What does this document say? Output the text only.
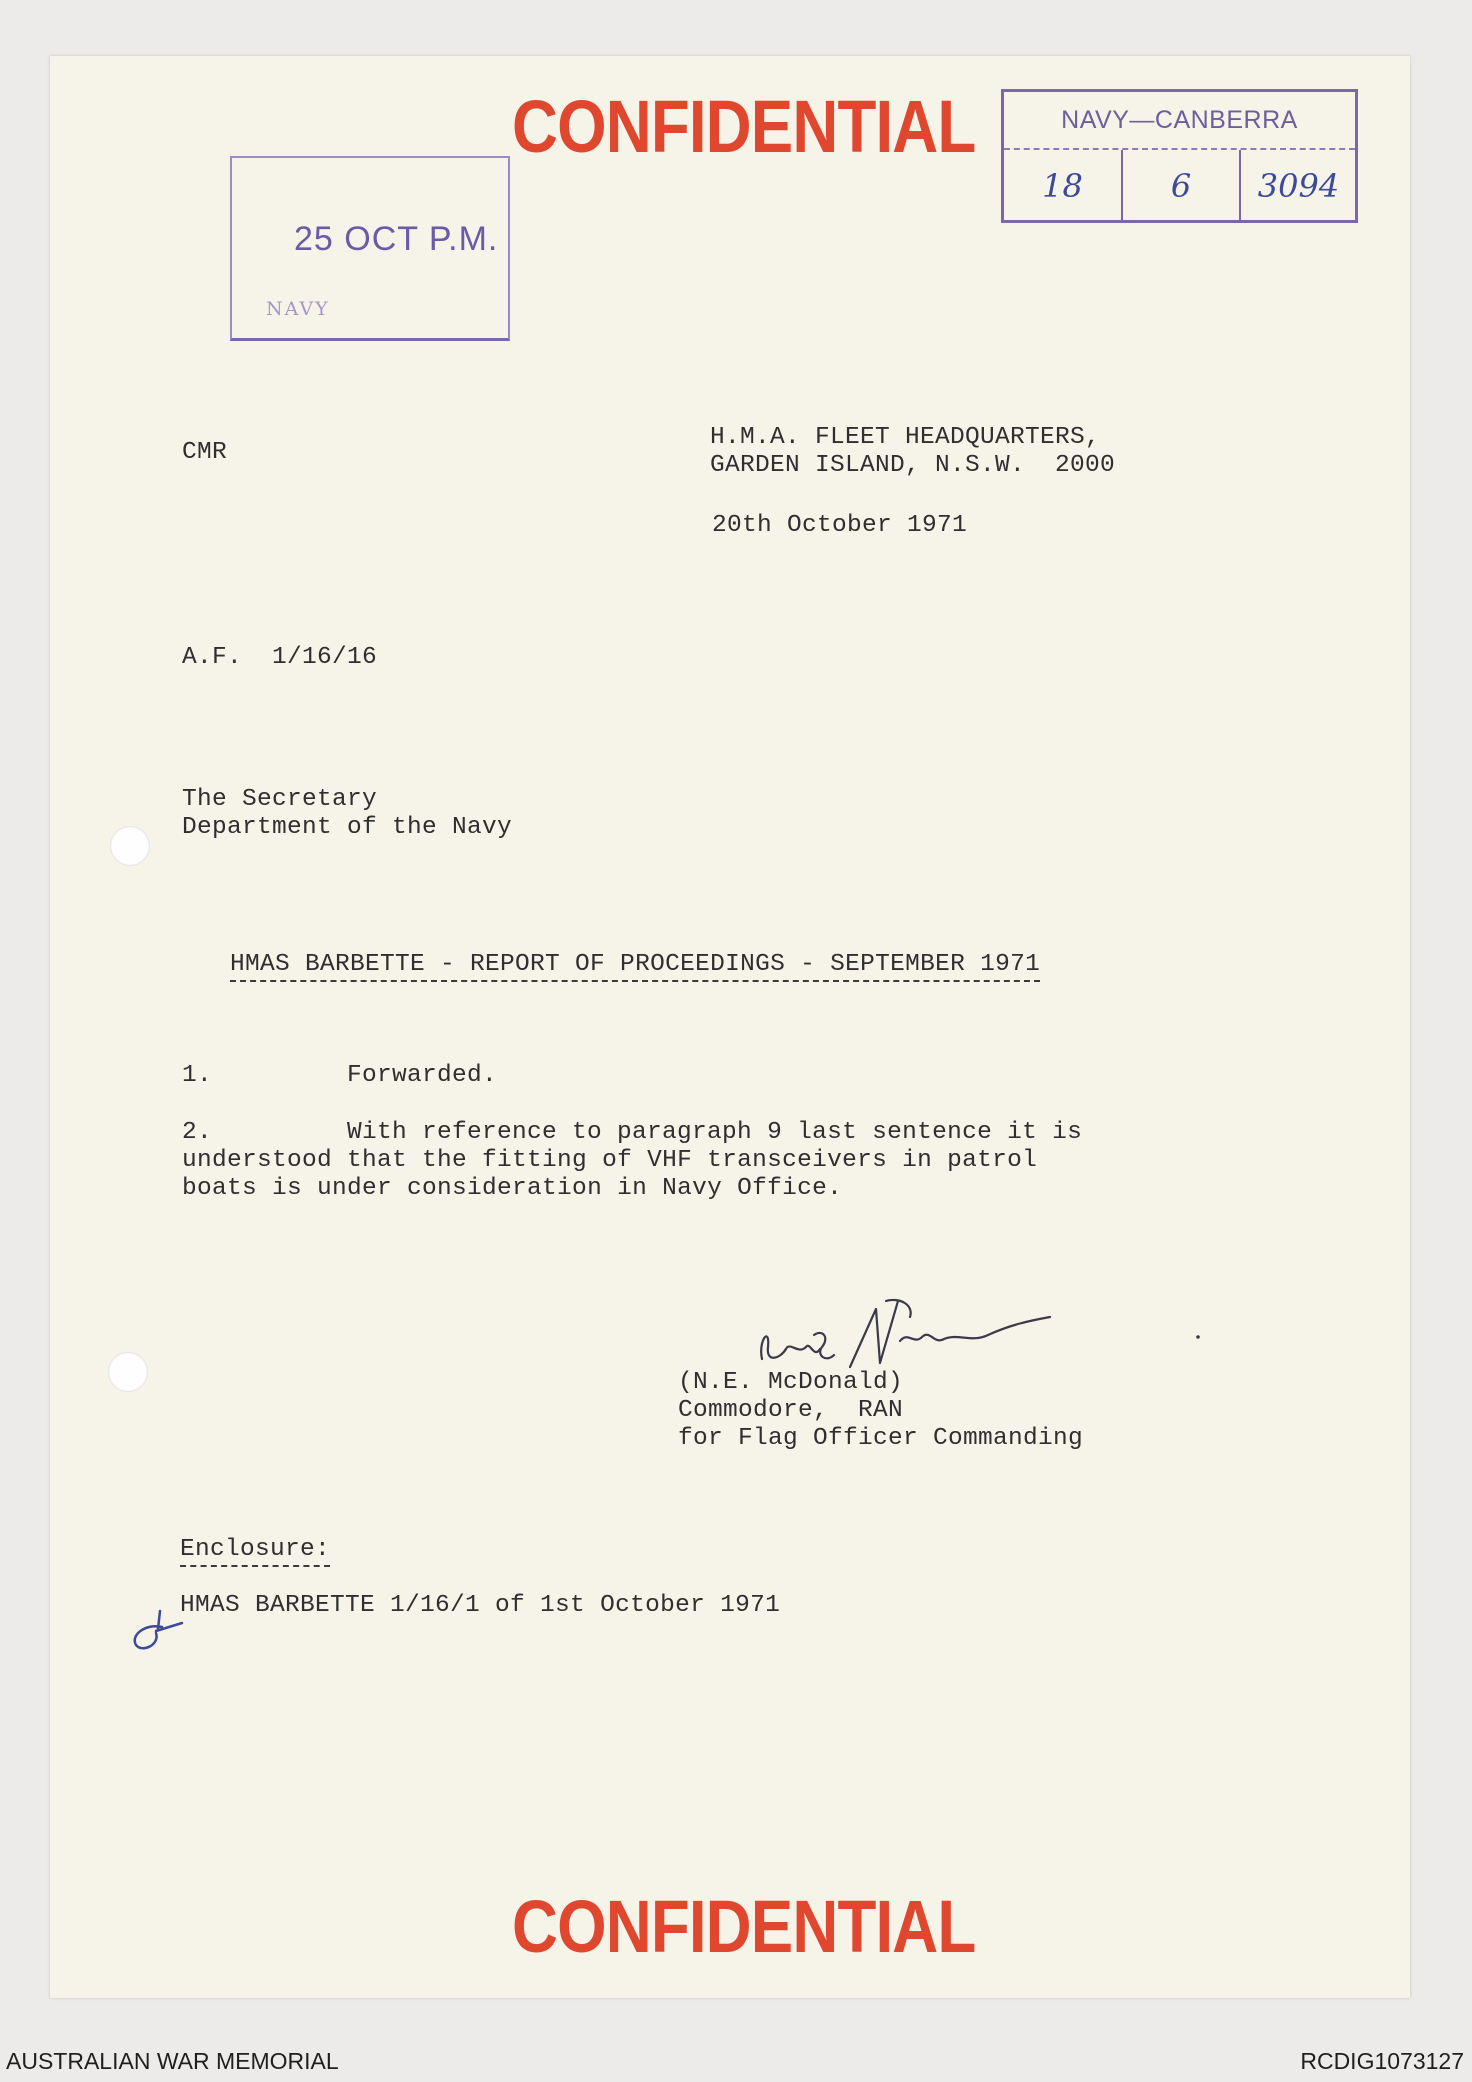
CONFIDENTIAL	NAVY—CANBERRA
18	6	3094
25 OCT P.M.
NAVY
CMR
H.M.A. FLEET HEADQUARTERS,
GARDEN ISLAND, N.S.W.  2000
20th October 1971
A.F.  1/16/16
The Secretary
Department of the Navy
HMAS BARBETTE - REPORT OF PROCEEDINGS - SEPTEMBER 1971
1.	Forwarded.
2.	With reference to paragraph 9 last sentence it is
understood that the fitting of VHF transceivers in patrol
boats is under consideration in Navy Office.
(N.E. McDonald)
Commodore,  RAN
for Flag Officer Commanding
Enclosure:
HMAS BARBETTE 1/16/1 of 1st October 1971
CONFIDENTIAL
AUSTRALIAN WAR MEMORIAL	RCDIG1073127
